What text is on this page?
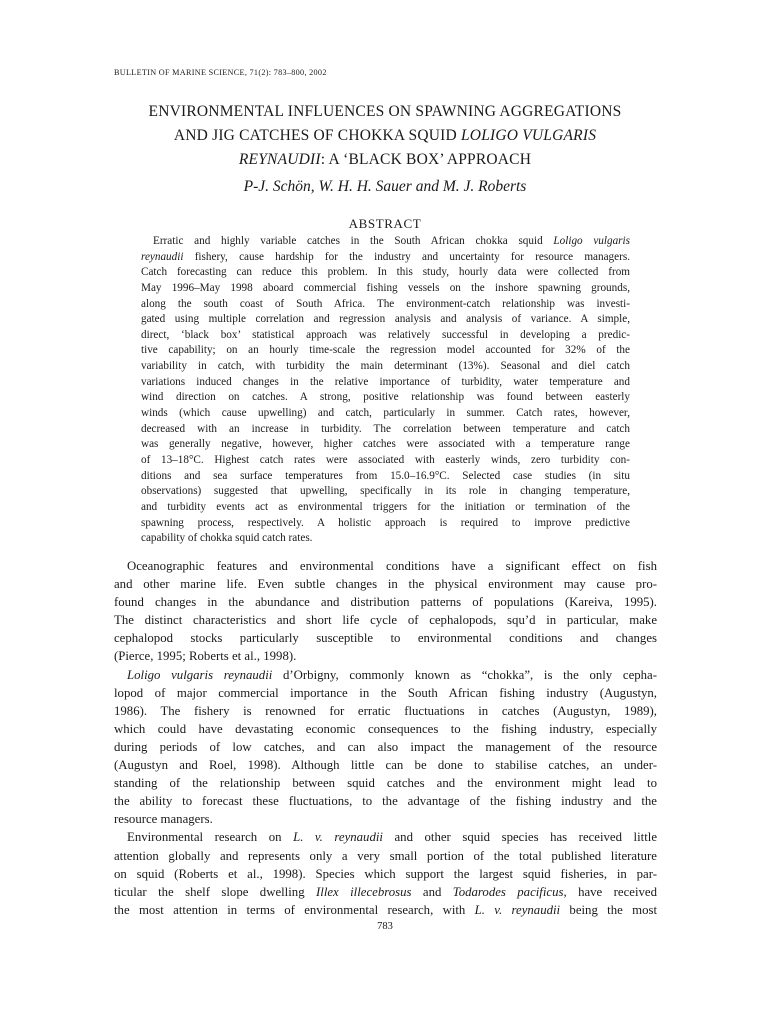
BULLETIN OF MARINE SCIENCE, 71(2): 783–800, 2002
ENVIRONMENTAL INFLUENCES ON SPAWNING AGGREGATIONS
AND JIG CATCHES OF CHOKKA SQUID LOLIGO VULGARIS
REYNAUDII: A ‘BLACK BOX’ APPROACH
P-J. Schön, W. H. H. Sauer and M. J. Roberts
ABSTRACT
Erratic and highly variable catches in the South African chokka squid Loligo vulgaris
reynaudii fishery, cause hardship for the industry and uncertainty for resource managers.
Catch forecasting can reduce this problem. In this study, hourly data were collected from
May 1996–May 1998 aboard commercial fishing vessels on the inshore spawning grounds,
along the south coast of South Africa. The environment-catch relationship was investi-
gated using multiple correlation and regression analysis and analysis of variance. A simple,
direct, ‘black box’ statistical approach was relatively successful in developing a predic-
tive capability; on an hourly time-scale the regression model accounted for 32% of the
variability in catch, with turbidity the main determinant (13%). Seasonal and diel catch
variations induced changes in the relative importance of turbidity, water temperature and
wind direction on catches. A strong, positive relationship was found between easterly
winds (which cause upwelling) and catch, particularly in summer. Catch rates, however,
decreased with an increase in turbidity. The correlation between temperature and catch
was generally negative, however, higher catches were associated with a temperature range
of 13–18°C. Highest catch rates were associated with easterly winds, zero turbidity con-
ditions and sea surface temperatures from 15.0–16.9°C. Selected case studies (in situ
observations) suggested that upwelling, specifically in its role in changing temperature,
and turbidity events act as environmental triggers for the initiation or termination of the
spawning process, respectively. A holistic approach is required to improve predictive
capability of chokka squid catch rates.
Oceanographic features and environmental conditions have a significant effect on fish
and other marine life. Even subtle changes in the physical environment may cause pro-
found changes in the abundance and distribution patterns of populations (Kareiva, 1995).
The distinct characteristics and short life cycle of cephalopods, squ’d in particular, make
cephalopod stocks particularly susceptible to environmental conditions and changes
(Pierce, 1995; Roberts et al., 1998).
Loligo vulgaris reynaudii d’Orbigny, commonly known as “chokka”, is the only cepha-
lopod of major commercial importance in the South African fishing industry (Augustyn,
1986). The fishery is renowned for erratic fluctuations in catches (Augustyn, 1989),
which could have devastating economic consequences to the fishing industry, especially
during periods of low catches, and can also impact the management of the resource
(Augustyn and Roel, 1998). Although little can be done to stabilise catches, an under-
standing of the relationship between squid catches and the environment might lead to
the ability to forecast these fluctuations, to the advantage of the fishing industry and the
resource managers.
Environmental research on L. v. reynaudii and other squid species has received little
attention globally and represents only a very small portion of the total published literature
on squid (Roberts et al., 1998). Species which support the largest squid fisheries, in par-
ticular the shelf slope dwelling Illex illecebrosus and Todarodes pacificus, have received
the most attention in terms of environmental research, with L. v. reynaudii being the most
783
